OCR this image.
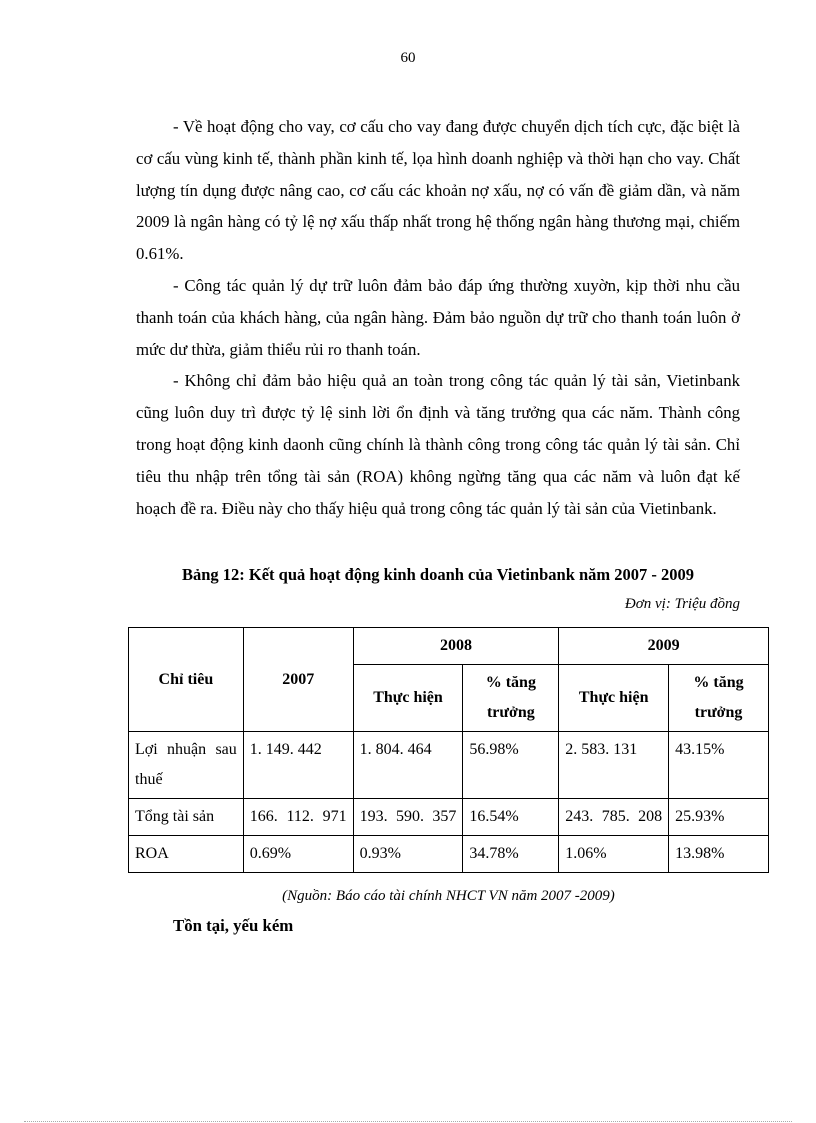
60

- Về hoạt động cho vay, cơ cấu cho vay đang được chuyển dịch tích cực, đặc biệt là cơ cấu vùng kinh tế, thành phần kinh tế, lọa hình doanh nghiệp và thời hạn cho vay. Chất lượng tín dụng được nâng cao, cơ cấu các khoản nợ xấu, nợ có vấn đề giảm dần, và năm 2009 là ngân hàng có tỷ lệ nợ xấu thấp nhất trong hệ thống ngân hàng thương mại, chiếm 0.61%.

- Công tác quản lý dự trữ luôn đảm bảo đáp ứng thường xuyờn, kịp thời nhu cầu thanh toán của khách hàng, của ngân hàng. Đảm bảo nguồn dự trữ cho thanh toán luôn ở mức dư thừa, giảm thiểu rủi ro thanh toán.

- Không chỉ đảm bảo hiệu quả an toàn trong công tác quản lý tài sản, Vietinbank cũng luôn duy trì được tỷ lệ sinh lời ổn định và tăng trưởng qua các năm. Thành công trong hoạt động kinh daonh cũng chính là thành công trong công tác quản lý tài sản. Chỉ tiêu thu nhập trên tổng tài sản (ROA) không ngừng tăng qua các năm và luôn đạt kế hoạch đề ra. Điều này cho thấy hiệu quả trong công tác quản lý tài sản của Vietinbank.

Bảng 12: Kết quả hoạt động kinh doanh của Vietinbank năm 2007 - 2009
Đơn vị: Triệu đồng
Chỉ tiêu	2007	2008		2009	
		Thực hiện	% tăng trưởng	Thực hiện	% tăng trưởng
Lợi nhuận sau thuế	1. 149. 442	1. 804. 464	56.98%	2. 583. 131	43.15%
Tổng tài sản	166. 112. 971	193. 590. 357	16.54%	243. 785. 208	25.93%
ROA	0.69%	0.93%	34.78%	1.06%	13.98%
(Nguồn: Báo cáo tài chính NHCT VN năm 2007 -2009)
Tồn tại, yếu kém
